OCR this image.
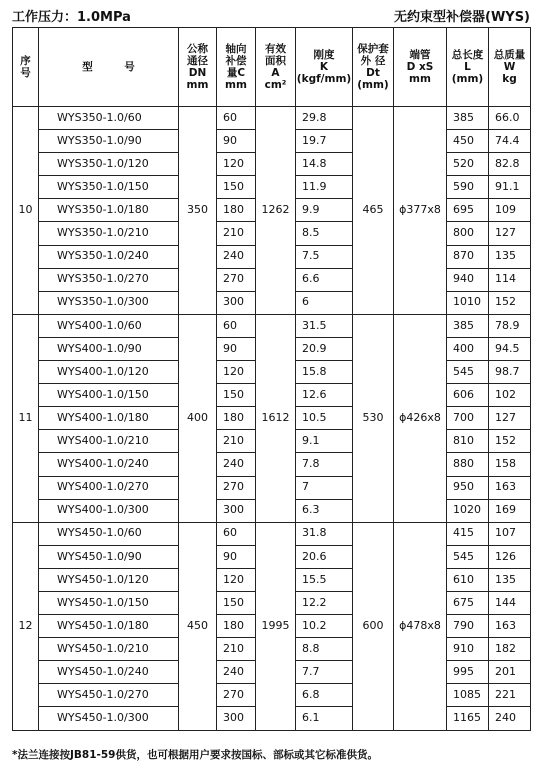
工作压力：1.0MPa	无约束型补偿器(WYS)
序
号	型　　　号	公称
通径
DN
mm	轴向
补偿
量C
mm	有效
面积
A
cm²	刚度
K
(kgf/mm)	保护套
外 径
Dt
(mm)	端管
D xS
mm	总长度
L
(mm)	总质量
W
kg

10	WYS350-1.0/60	350	60	1262	29.8	465	ϕ377x8	385	66.0
	WYS350-1.0/90		90		19.7			450	74.4
	WYS350-1.0/120		120		14.8			520	82.8
	WYS350-1.0/150		150		11.9			590	91.1
	WYS350-1.0/180		180		9.9			695	109
	WYS350-1.0/210		210		8.5			800	127
	WYS350-1.0/240		240		7.5			870	135
	WYS350-1.0/270		270		6.6			940	114
	WYS350-1.0/300		300		6			1010	152
11	WYS400-1.0/60	400	60	1612	31.5	530	ϕ426x8	385	78.9
	WYS400-1.0/90		90		20.9			400	94.5
	WYS400-1.0/120		120		15.8			545	98.7
	WYS400-1.0/150		150		12.6			606	102
	WYS400-1.0/180		180		10.5			700	127
	WYS400-1.0/210		210		9.1			810	152
	WYS400-1.0/240		240		7.8			880	158
	WYS400-1.0/270		270		7			950	163
	WYS400-1.0/300		300		6.3			1020	169
12	WYS450-1.0/60	450	60	1995	31.8	600	ϕ478x8	415	107
	WYS450-1.0/90		90		20.6			545	126
	WYS450-1.0/120		120		15.5			610	135
	WYS450-1.0/150		150		12.2			675	144
	WYS450-1.0/180		180		10.2			790	163
	WYS450-1.0/210		210		8.8			910	182
	WYS450-1.0/240		240		7.7			995	201
	WYS450-1.0/270		270		6.8			1085	221
	WYS450-1.0/300		300		6.1			1165	240
*法兰连接按JB81-59供货，也可根据用户要求按国标、部标或其它标准供货。
